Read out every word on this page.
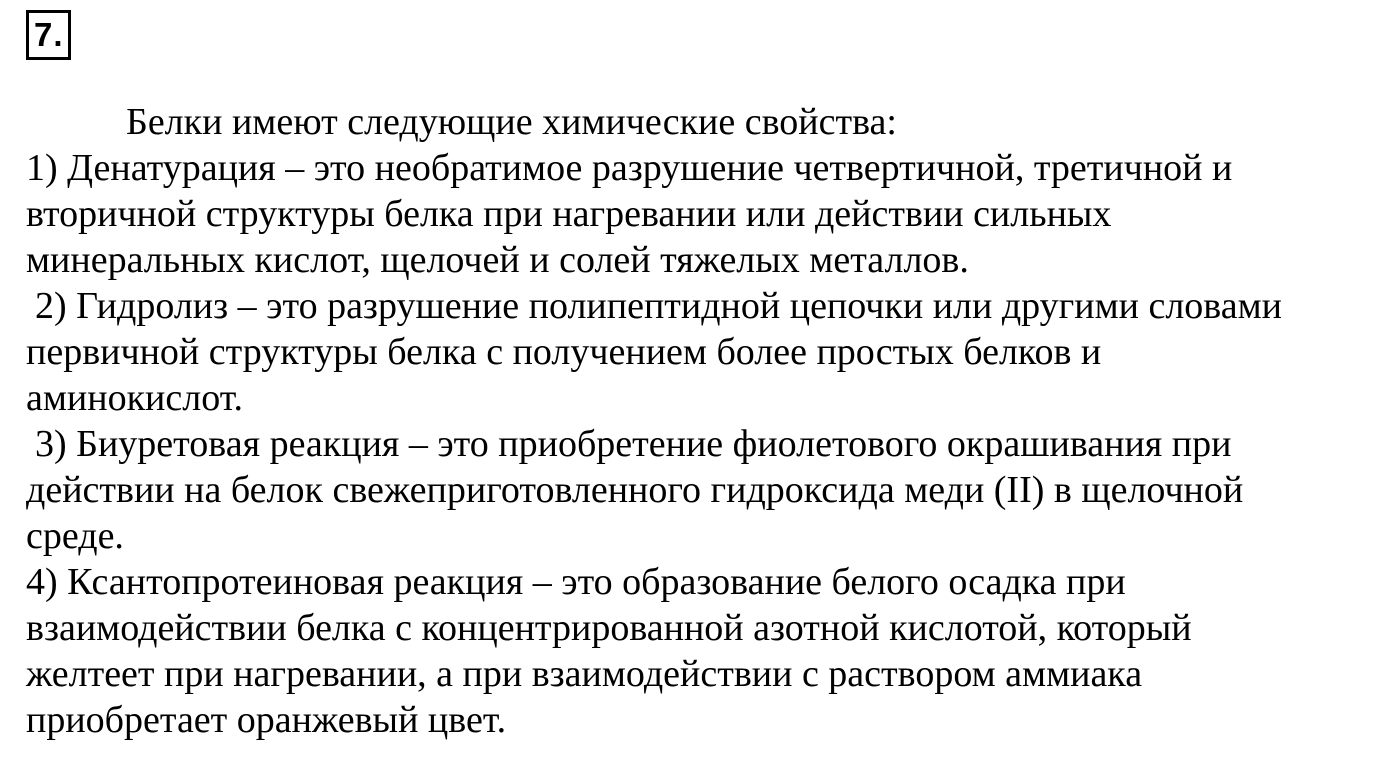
7.
Белки имеют следующие химические свойства:
1) Денатурация – это необратимое разрушение четвертичной, третичной и
вторичной структуры белка при нагревании или действии сильных
минеральных кислот, щелочей и солей тяжелых металлов.
2) Гидролиз – это разрушение полипептидной цепочки или другими словами
первичной структуры белка с получением более простых белков и
аминокислот.
3) Биуретовая реакция – это приобретение фиолетового окрашивания при
действии на белок свежеприготовленного гидроксида меди (II) в щелочной
среде.
4) Ксантопротеиновая реакция – это образование белого осадка при
взаимодействии белка с концентрированной азотной кислотой, который
желтеет при нагревании, а при взаимодействии с раствором аммиака
приобретает оранжевый цвет.
